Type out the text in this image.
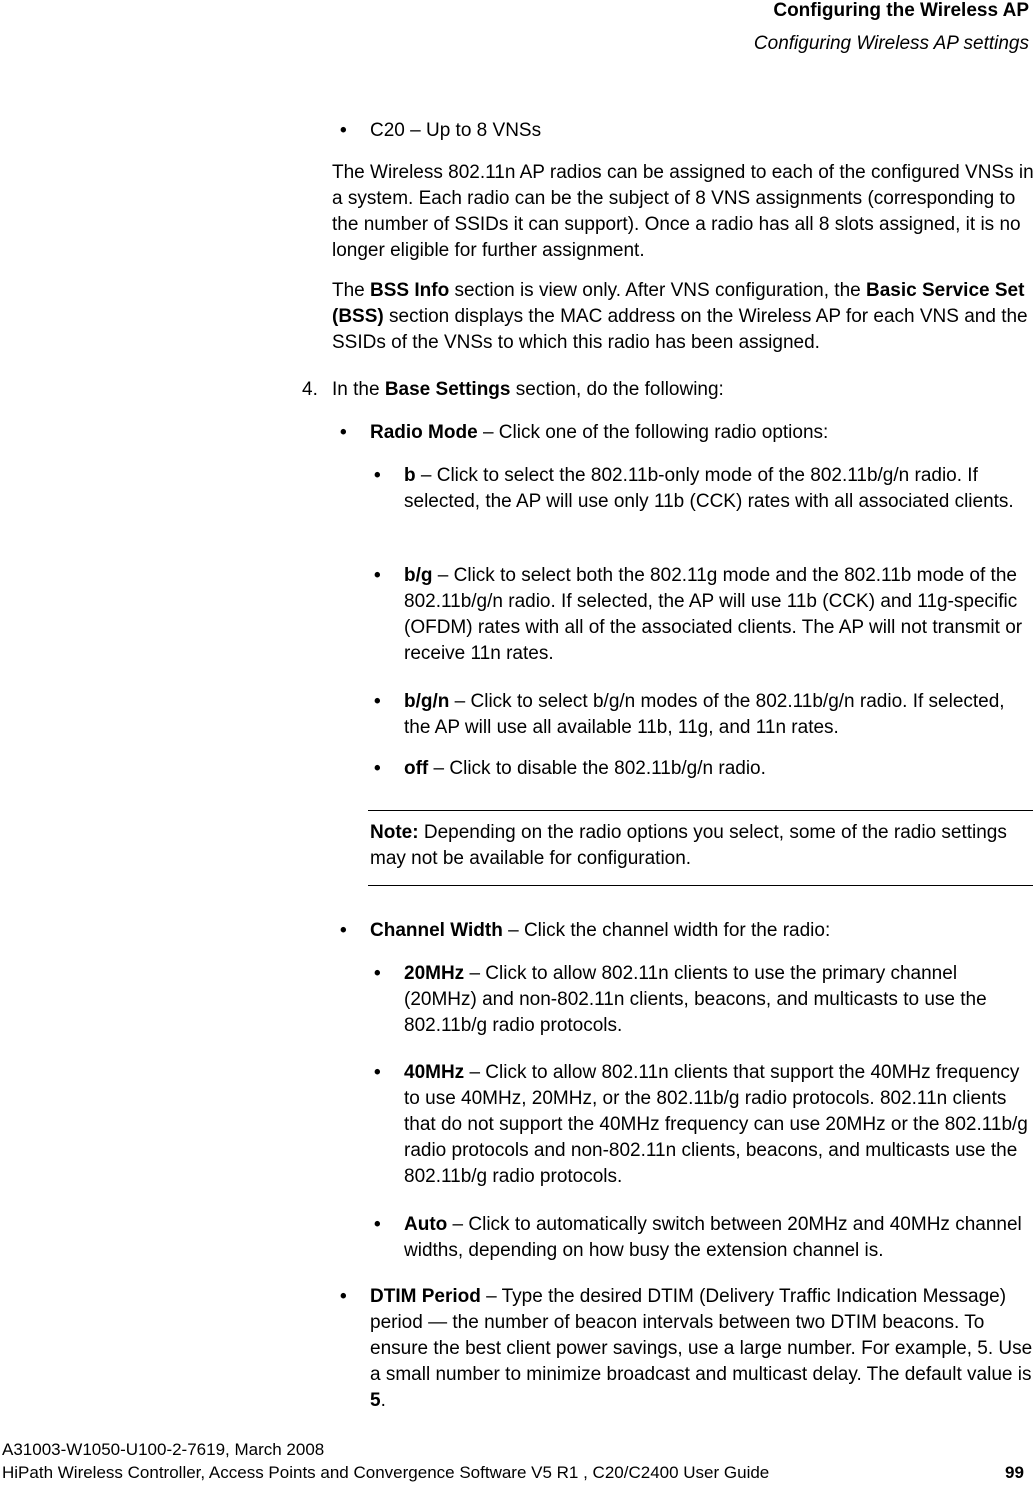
Configuring the Wireless AP
Configuring Wireless AP settings
• C20 – Up to 8 VNSs
The Wireless 802.11n AP radios can be assigned to each of the configured VNSs in a system. Each radio can be the subject of 8 VNS assignments (corresponding to the number of SSIDs it can support). Once a radio has all 8 slots assigned, it is no longer eligible for further assignment.
The BSS Info section is view only. After VNS configuration, the Basic Service Set (BSS) section displays the MAC address on the Wireless AP for each VNS and the SSIDs of the VNSs to which this radio has been assigned.
4. In the Base Settings section, do the following:
• Radio Mode – Click one of the following radio options:
• b – Click to select the 802.11b-only mode of the 802.11b/g/n radio. If selected, the AP will use only 11b (CCK) rates with all associated clients.
• b/g – Click to select both the 802.11g mode and the 802.11b mode of the 802.11b/g/n radio. If selected, the AP will use 11b (CCK) and 11g-specific (OFDM) rates with all of the associated clients. The AP will not transmit or receive 11n rates.
• b/g/n – Click to select b/g/n modes of the 802.11b/g/n radio. If selected, the AP will use all available 11b, 11g, and 11n rates.
• off – Click to disable the 802.11b/g/n radio.
Note: Depending on the radio options you select, some of the radio settings may not be available for configuration.
• Channel Width – Click the channel width for the radio:
• 20MHz – Click to allow 802.11n clients to use the primary channel (20MHz) and non-802.11n clients, beacons, and multicasts to use the 802.11b/g radio protocols.
• 40MHz – Click to allow 802.11n clients that support the 40MHz frequency to use 40MHz, 20MHz, or the 802.11b/g radio protocols. 802.11n clients that do not support the 40MHz frequency can use 20MHz or the 802.11b/g radio protocols and non-802.11n clients, beacons, and multicasts use the 802.11b/g radio protocols.
• Auto – Click to automatically switch between 20MHz and 40MHz channel widths, depending on how busy the extension channel is.
• DTIM Period – Type the desired DTIM (Delivery Traffic Indication Message) period — the number of beacon intervals between two DTIM beacons. To ensure the best client power savings, use a large number. For example, 5. Use a small number to minimize broadcast and multicast delay. The default value is 5.
A31003-W1050-U100-2-7619, March 2008
HiPath Wireless Controller, Access Points and Convergence Software V5 R1 , C20/C2400 User Guide	99
